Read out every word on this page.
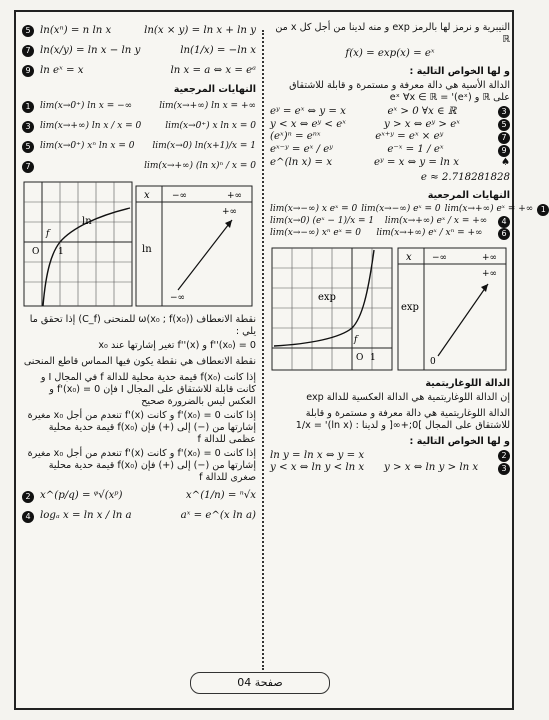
5 ln(xⁿ) = n ln x	ln(x × y) = ln x + ln y
7 ln(x/y) = ln x − ln y	ln(1/x) = −ln x
9 ln eˣ = x	ln x = a ⇔ x = eᵃ
النهايات المرجعية
1	lim(x→0⁺) ln x = −∞	lim(x→+∞) ln x = +∞
3	lim(x→+∞) ln x / x = 0	lim(x→0⁺) x ln x = 0
5	lim(x→0⁺) xⁿ ln x = 0 lim(x→0) ln(x+1)/x = 1
7	lim(x→+∞) (ln x)ⁿ / x = 0
ln
O 1
f
x −∞	+∞
ln
+∞
−∞
نقطة الانعطاف ω(x₀ ; f(x₀)) للمنحنى (C_f) إذا تحقق ما يلي :
f''(x₀) = 0 و f''(x) تغير إشارتها عند x₀
نقطة الانعطاف هي نقطة يكون فيها المماس قاطع المنحنى
إذا كانت f(x₀) قيمة حدية محلية للدالة f في المجال I و كانت قابلة للاشتقاق على المجال I فإن f'(x₀) = 0 و العكس ليس بالضرورة صحيح
إذا كانت f'(x₀) = 0 و كانت f'(x) تنعدم من أجل x₀ مغيرة إشارتها من (−) إلى (+) فإن f(x₀) قيمة حدية محلية عظمى للدالة f
إذا كانت f'(x₀) = 0 و كانت f'(x) تنعدم من أجل x₀ مغيرة إشارتها من (−) إلى (+) فإن f(x₀) قيمة حدية محلية صغرى للدالة f
2 x^(p/q) = ᵠ√(xᵖ)	x^(1/n) = ⁿ√x
4 logₐ x = ln x / ln a	aˣ = e^(x ln a)
النيبرية و نرمز لها بالرمز exp و منه لدينا من أجل كل x من ℝ
f(x) = exp(x) = eˣ
و لها الخواص التالية :
الدالة الأسية هي دالة معرفة و مستمرة و قابلة للاشتقاق على ℝ و (eˣ)' = eˣ ∀x ∈ ℝ
eʸ = eˣ ⇔ y = x	eˣ > 0 ∀x ∈ ℝ	3
y < x ⇔ eʸ < eˣ	y > x ⇔ eʸ > eˣ	5
(eˣ)ⁿ = eⁿˣ	eˣ⁺ʸ = eˣ × eʸ	7
eˣ⁻ʸ = eˣ / eʸ	e⁻ˣ = 1 / eˣ	9
e^(ln x) = x	eʸ = x ⇔ y = ln x	♠
e ≈ 2.718281828
النهايات المرجعية
lim(x→−∞) x eˣ = 0 lim(x→−∞) eˣ = 0 lim(x→+∞) eˣ = +∞ 1
lim(x→0) (eˣ − 1)/x = 1 lim(x→+∞) eˣ / x = +∞	4
lim(x→−∞) xⁿ eˣ = 0 lim(x→+∞) eˣ / xⁿ = +∞	6
exp
O 1
f
x −∞	+∞
exp
+∞
0
الدالة اللوغاريتمية
إن الدالة اللوغاريتمية هي الدالة العكسية للدالة exp
الدالة اللوغاريتمية هي دالة معرفة و مستمرة و قابلة للاشتقاق على المجال ]0;+∞[ و لدينا : (ln x)' = 1/x
و لها الخواص التالية :
ln y = ln x ⇔ y = x	2
y < x ⇔ ln y < ln x y > x ⇔ ln y > ln x	3
صفحة 04
